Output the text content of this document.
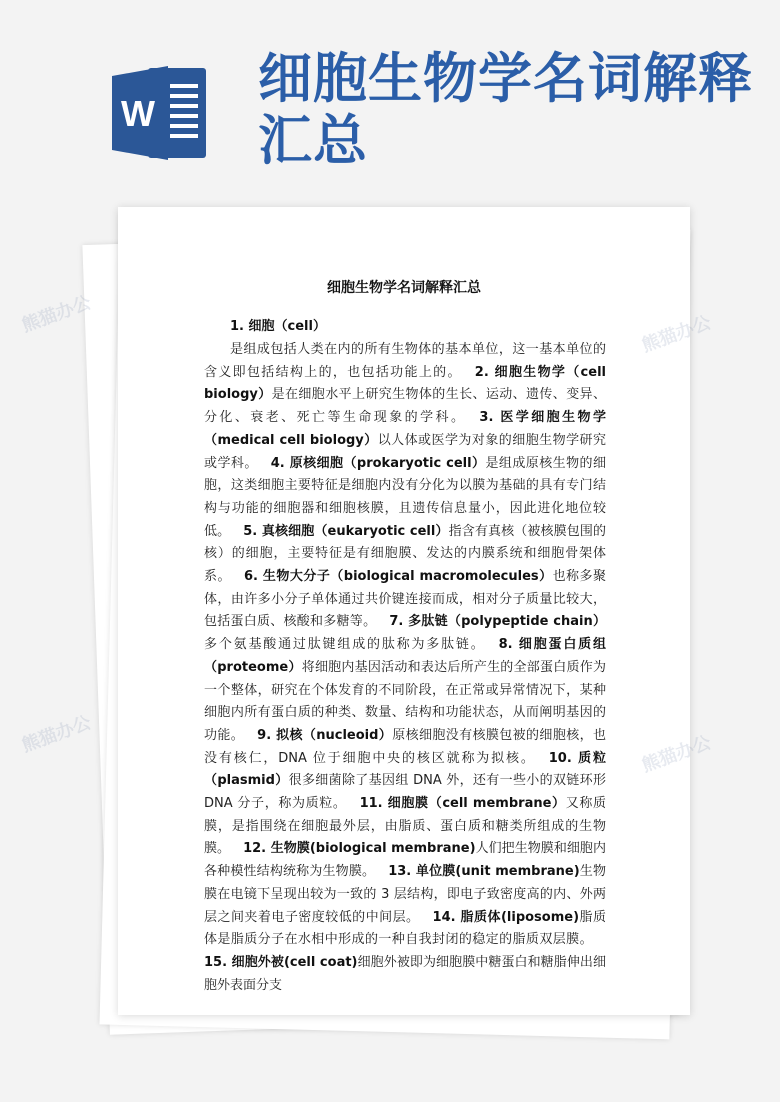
W
细胞生物学名词解释汇总
细胞生物学名词解释汇总
1. 细胞（cell）

是组成包括人类在内的所有生物体的基本单位，这一基本单位的含义即包括结构上的，也包括功能上的。  2. 细胞生物学（cell biology）是在细胞水平上研究生物体的生长、运动、遗传、变异、分化、衰老、死亡等生命现象的学科。  3. 医学细胞生物学（medical cell biology）以人体或医学为对象的细胞生物学研究或学科。  4. 原核细胞（prokaryotic cell）是组成原核生物的细胞，这类细胞主要特征是细胞内没有分化为以膜为基础的具有专门结构与功能的细胞器和细胞核膜，且遗传信息量小，因此进化地位较低。  5. 真核细胞（eukaryotic cell）指含有真核（被核膜包围的核）的细胞，主要特征是有细胞膜、发达的内膜系统和细胞骨架体系。  6. 生物大分子（biological macromolecules）也称多聚体，由许多小分子单体通过共价键连接而成，相对分子质量比较大，包括蛋白质、核酸和多糖等。  7. 多肽链（polypeptide chain）多个氨基酸通过肽键组成的肽称为多肽链。  8. 细胞蛋白质组（proteome）将细胞内基因活动和表达后所产生的全部蛋白质作为一个整体，研究在个体发育的不同阶段，在正常或异常情况下，某种细胞内所有蛋白质的种类、数量、结构和功能状态，从而阐明基因的功能。  9. 拟核（nucleoid）原核细胞没有核膜包被的细胞核，也没有核仁，DNA 位于细胞中央的核区就称为拟核。  10. 质粒（plasmid）很多细菌除了基因组 DNA 外，还有一些小的双链环形 DNA 分子，称为质粒。  11. 细胞膜（cell membrane）又称质膜，是指围绕在细胞最外层，由脂质、蛋白质和糖类所组成的生物膜。  12. 生物膜(biological membrane)人们把生物膜和细胞内各种模性结构统称为生物膜。  13. 单位膜(unit membrane)生物膜在电镜下呈现出较为一致的 3 层结构，即电子致密度高的内、外两层之间夹着电子密度较低的中间层。  14. 脂质体(liposome)脂质体是脂质分子在水相中形成的一种自我封闭的稳定的脂质双层膜。 15. 细胞外被(cell coat)细胞外被即为细胞膜中糖蛋白和糖脂伸出细胞外表面分支

熊猫办公
熊猫办公
